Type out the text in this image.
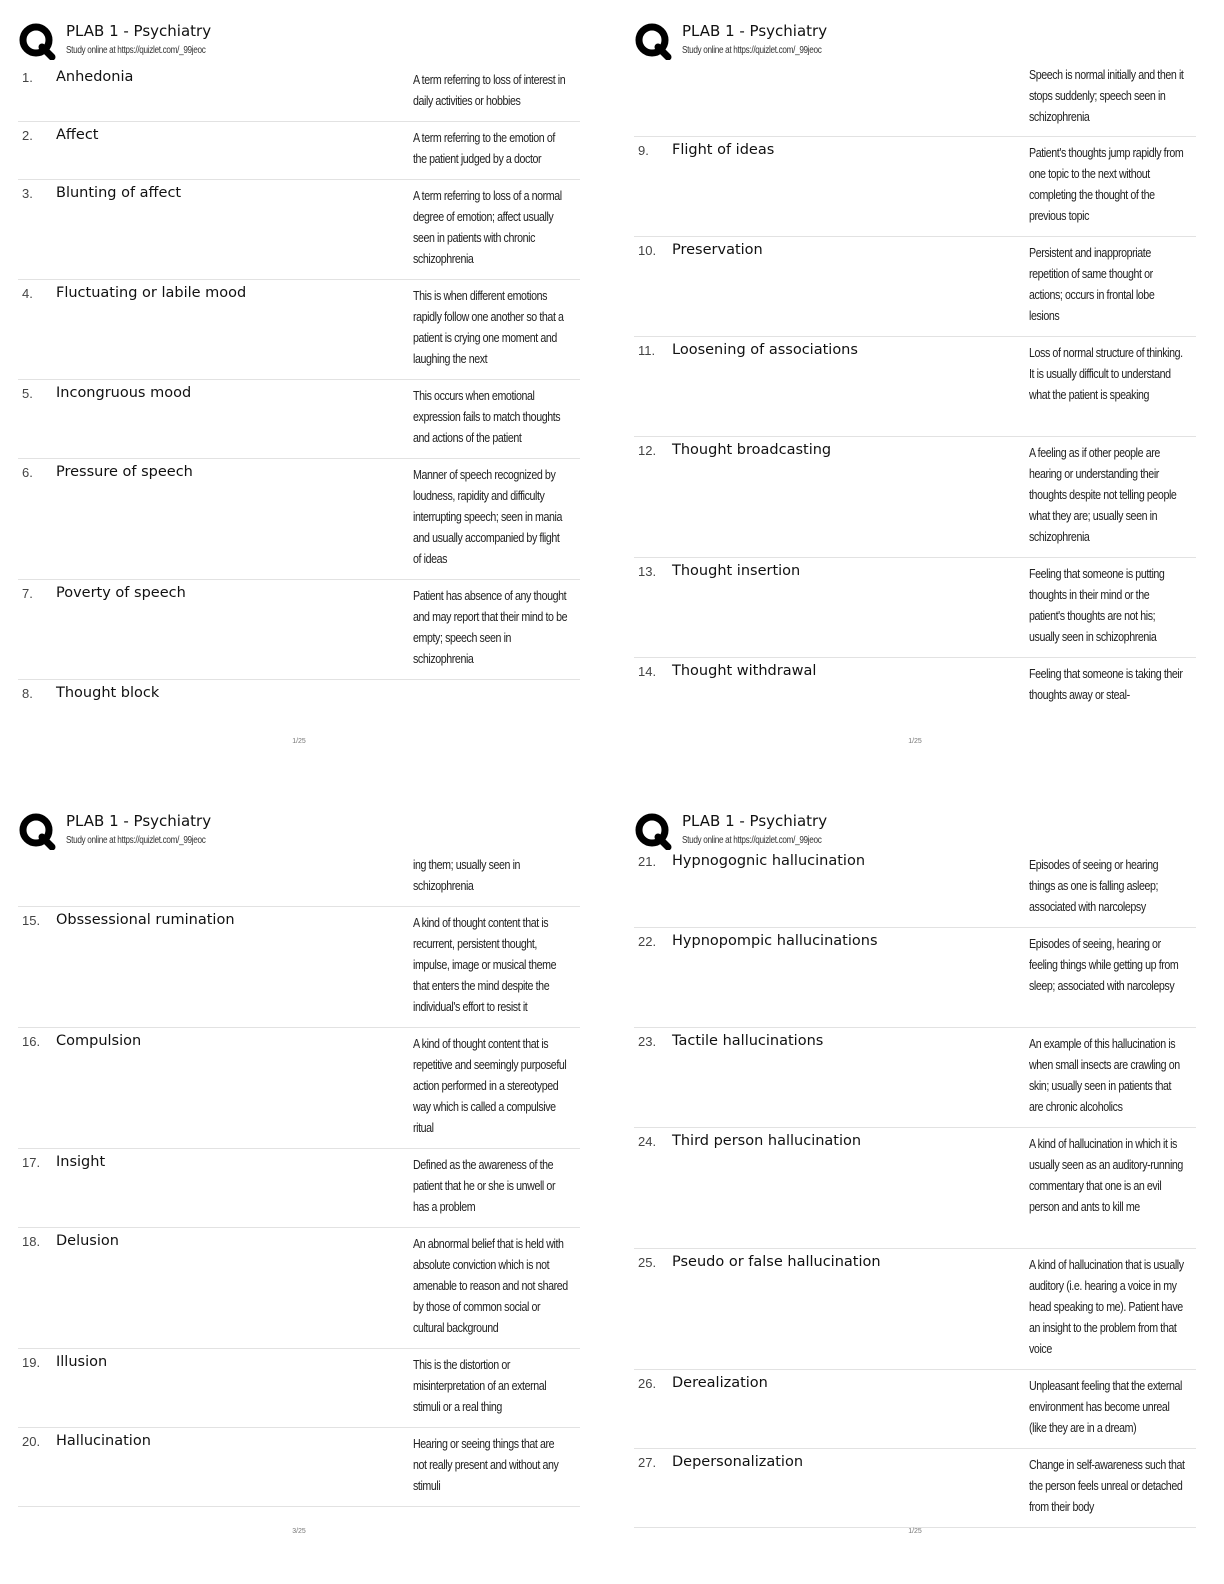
PLAB 1 - Psychiatry
Study online at https://quizlet.com/_99jeoc
1. Anhedonia	A term referring to loss of interest in daily activities or hobbies
2. Affect	A term referring to the emotion of the patient judged by a doctor
3. Blunting of affect	A term referring to loss of a normal degree of emotion; affect usually seen in patients with chronic schizophrenia
4. Fluctuating or labile mood	This is when different emotions rapidly follow one another so that a patient is crying one moment and laughing the next
5. Incongruous mood	This occurs when emotional expression fails to match thoughts and actions of the patient
6. Pressure of speech	Manner of speech recognized by loudness, rapidity and difficulty interrupting speech; seen in mania and usually accompanied by flight of ideas
7. Poverty of speech	Patient has absence of any thought and may report that their mind to be empty; speech seen in schizophrenia
8. Thought block
1/25
PLAB 1 - Psychiatry
Study online at https://quizlet.com/_99jeoc
Speech is normal initially and then it stops suddenly; speech seen in schizophrenia
9. Flight of ideas	Patient's thoughts jump rapidly from one topic to the next without completing the thought of the previous topic
10. Preservation	Persistent and inappropriate repetition of same thought or actions; occurs in frontal lobe lesions
11. Loosening of associations	Loss of normal structure of thinking. It is usually difficult to understand what the patient is speaking
12. Thought broadcasting	A feeling as if other people are hearing or understanding their thoughts despite not telling people what they are; usually seen in schizophrenia
13. Thought insertion	Feeling that someone is putting thoughts in their mind or the patient's thoughts are not his; usually seen in schizophrenia
14. Thought withdrawal	Feeling that someone is taking their thoughts away or steal-
1/25
PLAB 1 - Psychiatry
Study online at https://quizlet.com/_99jeoc
ing them; usually seen in schizophrenia
15. Obssessional rumination	A kind of thought content that is recurrent, persistent thought, impulse, image or musical theme that enters the mind despite the individual's effort to resist it
16. Compulsion	A kind of thought content that is repetitive and seemingly purposeful action performed in a stereotyped way which is called a compulsive ritual
17. Insight	Defined as the awareness of the patient that he or she is unwell or has a problem
18. Delusion	An abnormal belief that is held with absolute conviction which is not amenable to reason and not shared by those of common social or cultural background
19. Illusion	This is the distortion or misinterpretation of an external stimuli or a real thing
20. Hallucination	Hearing or seeing things that are not really present and without any stimuli
3/25
PLAB 1 - Psychiatry
Study online at https://quizlet.com/_99jeoc
21. Hypnogognic hallucination	Episodes of seeing or hearing things as one is falling asleep; associated with narcolepsy
22. Hypnopompic hallucinations	Episodes of seeing, hearing or feeling things while getting up from sleep; associated with narcolepsy
23. Tactile hallucinations	An example of this hallucination is when small insects are crawling on skin; usually seen in patients that are chronic alcoholics
24. Third person hallucination	A kind of hallucination in which it is usually seen as an auditory-running commentary that one is an evil person and ants to kill me
25. Pseudo or false hallucination	A kind of hallucination that is usually auditory (i.e. hearing a voice in my head speaking to me). Patient have an insight to the problem from that voice
26. Derealization	Unpleasant feeling that the external environment has become unreal (like they are in a dream)
27. Depersonalization	Change in self-awareness such that the person feels unreal or detached from their body
1/25
